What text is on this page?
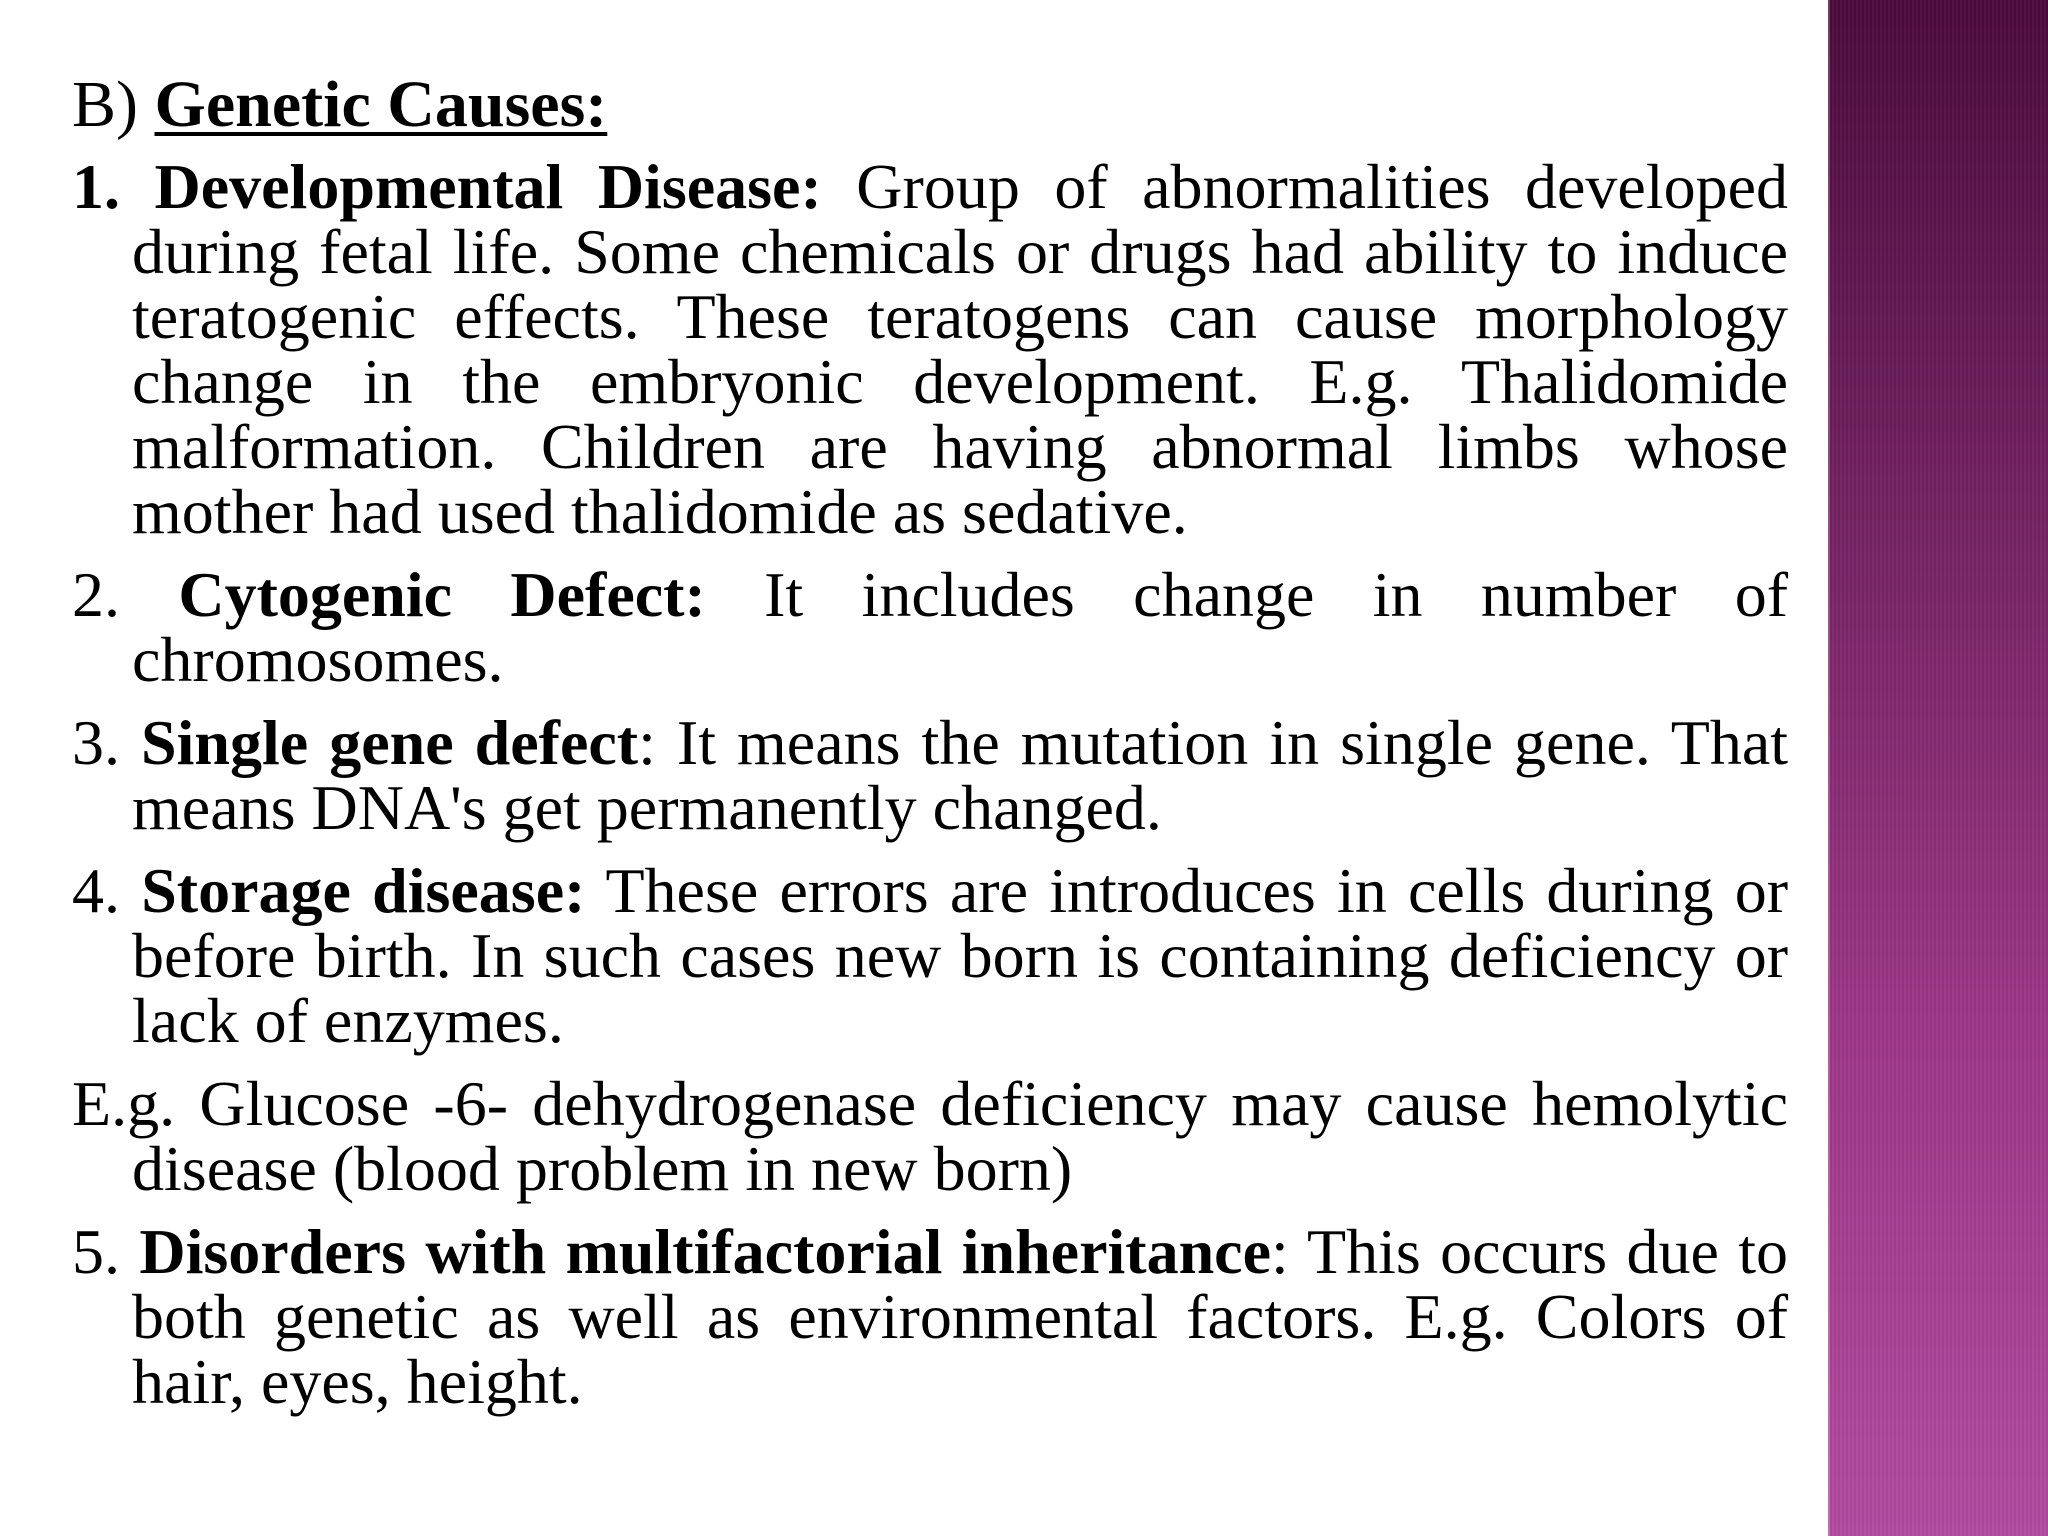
B) Genetic Causes:

1. Developmental Disease: Group of abnormalities developed during fetal life. Some chemicals or drugs had ability to induce teratogenic effects. These teratogens can cause morphology change in the embryonic development. E.g. Thalidomide malformation. Children are having abnormal limbs whose mother had used thalidomide as sedative.

2. Cytogenic Defect: It includes change in number of chromosomes.

3. Single gene defect: It means the mutation in single gene. That means DNA's get permanently changed.

4. Storage disease: These errors are introduces in cells during or before birth. In such cases new born is containing deficiency or lack of enzymes.

E.g. Glucose -6- dehydrogenase deficiency may cause hemolytic disease (blood problem in new born)

5. Disorders with multifactorial inheritance: This occurs due to both genetic as well as environmental factors. E.g. Colors of hair, eyes, height.
